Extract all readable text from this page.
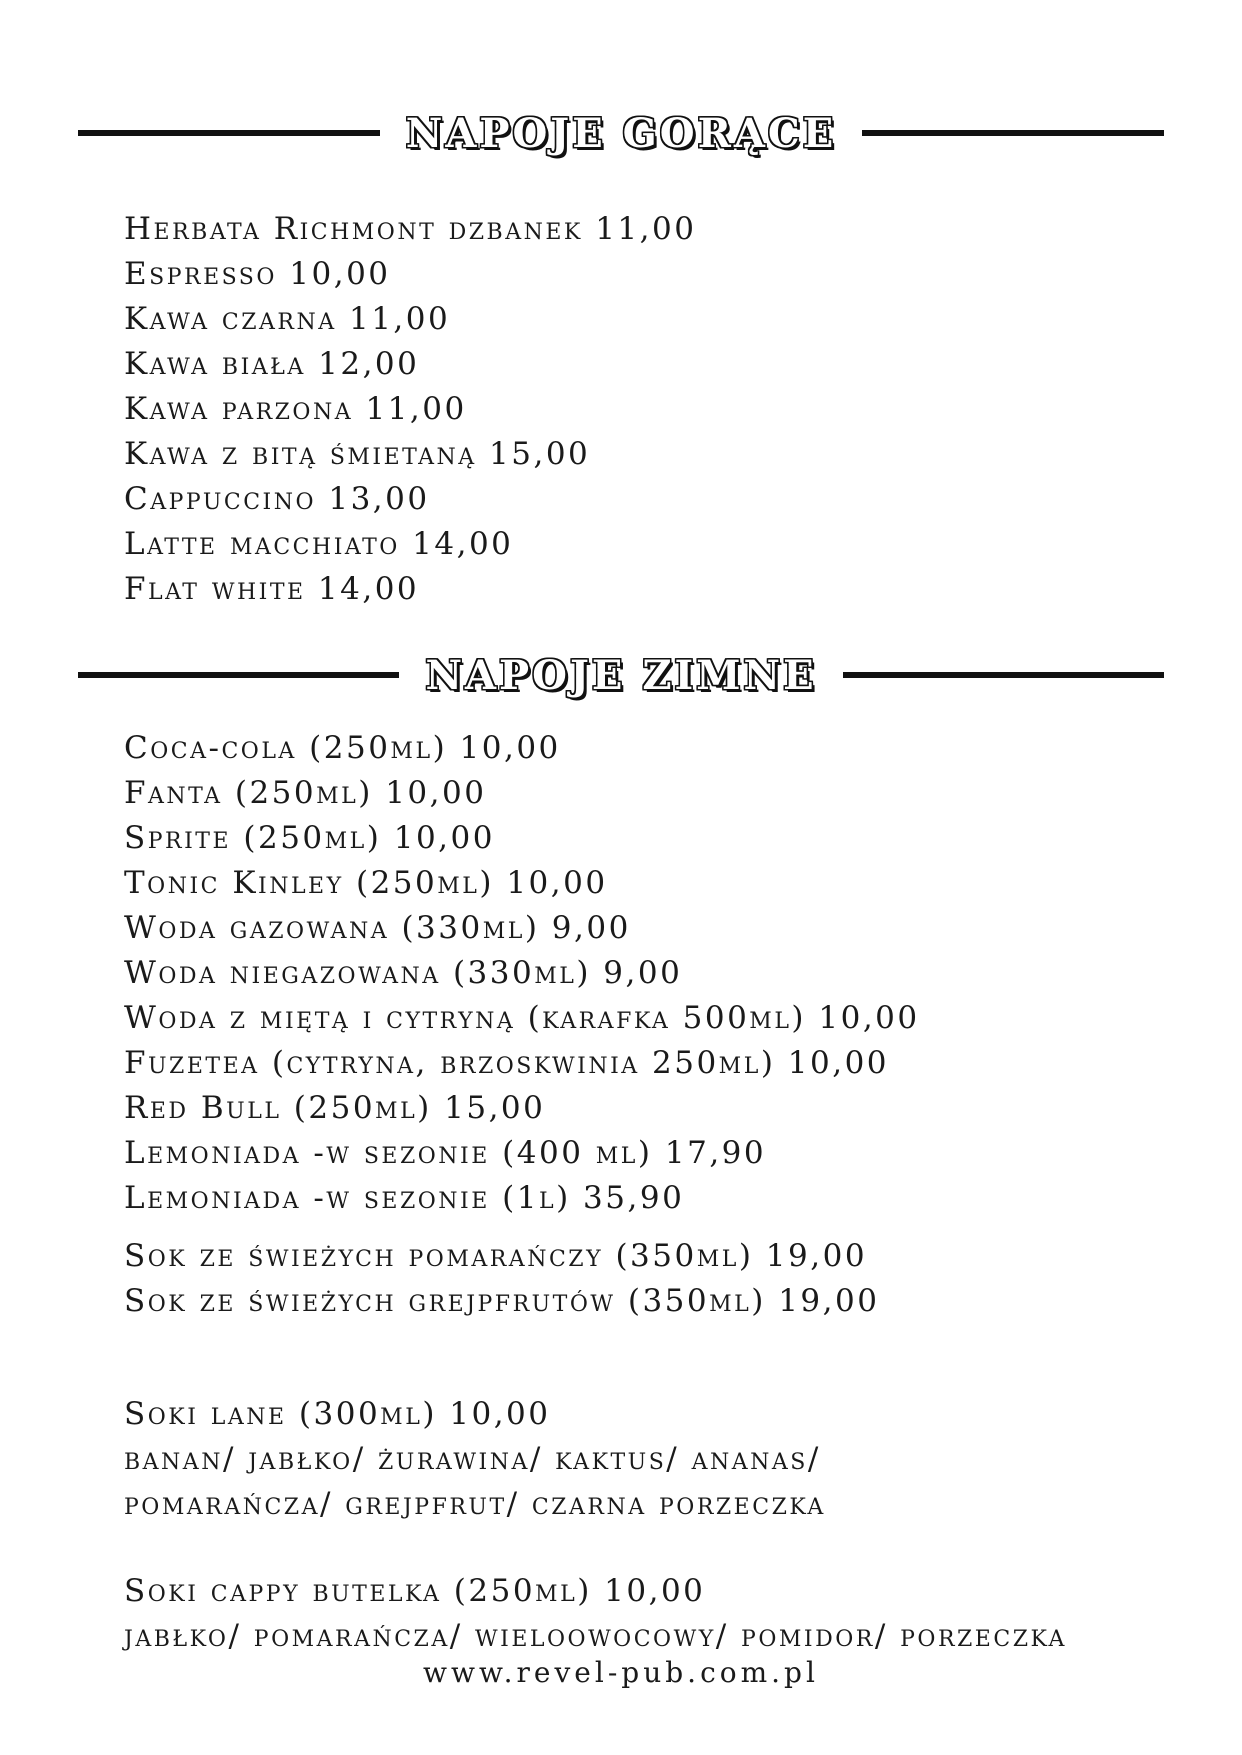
NAPOJE GORĄCE
Herbata Richmont dzbanek 11,00
Espresso 10,00
Kawa czarna 11,00
Kawa biała 12,00
Kawa parzona 11,00
Kawa z bitą śmietaną 15,00
Cappuccino 13,00
Latte macchiato 14,00
Flat white 14,00
NAPOJE ZIMNE
Coca-cola (250ml) 10,00
Fanta (250ml) 10,00
Sprite (250ml) 10,00
Tonic Kinley (250ml) 10,00
Woda gazowana (330ml) 9,00
Woda niegazowana (330ml) 9,00
Woda z miętą i cytryną (karafka 500ml) 10,00
Fuzetea (cytryna, brzoskwinia 250ml) 10,00
Red Bull (250ml) 15,00
Lemoniada -w sezonie (400 ml) 17,90
Lemoniada -w sezonie (1l) 35,90
Sok ze świeżych pomarańczy (350ml) 19,00
Sok ze świeżych grejpfrutów (350ml) 19,00
Soki lane (300ml) 10,00
banan/ jabłko/ żurawina/ kaktus/ ananas/
pomarańcza/ grejpfrut/ czarna porzeczka
Soki cappy butelka (250ml) 10,00
jabłko/ pomarańcza/ wieloowocowy/ pomidor/ porzeczka
www.revel-pub.com.pl
